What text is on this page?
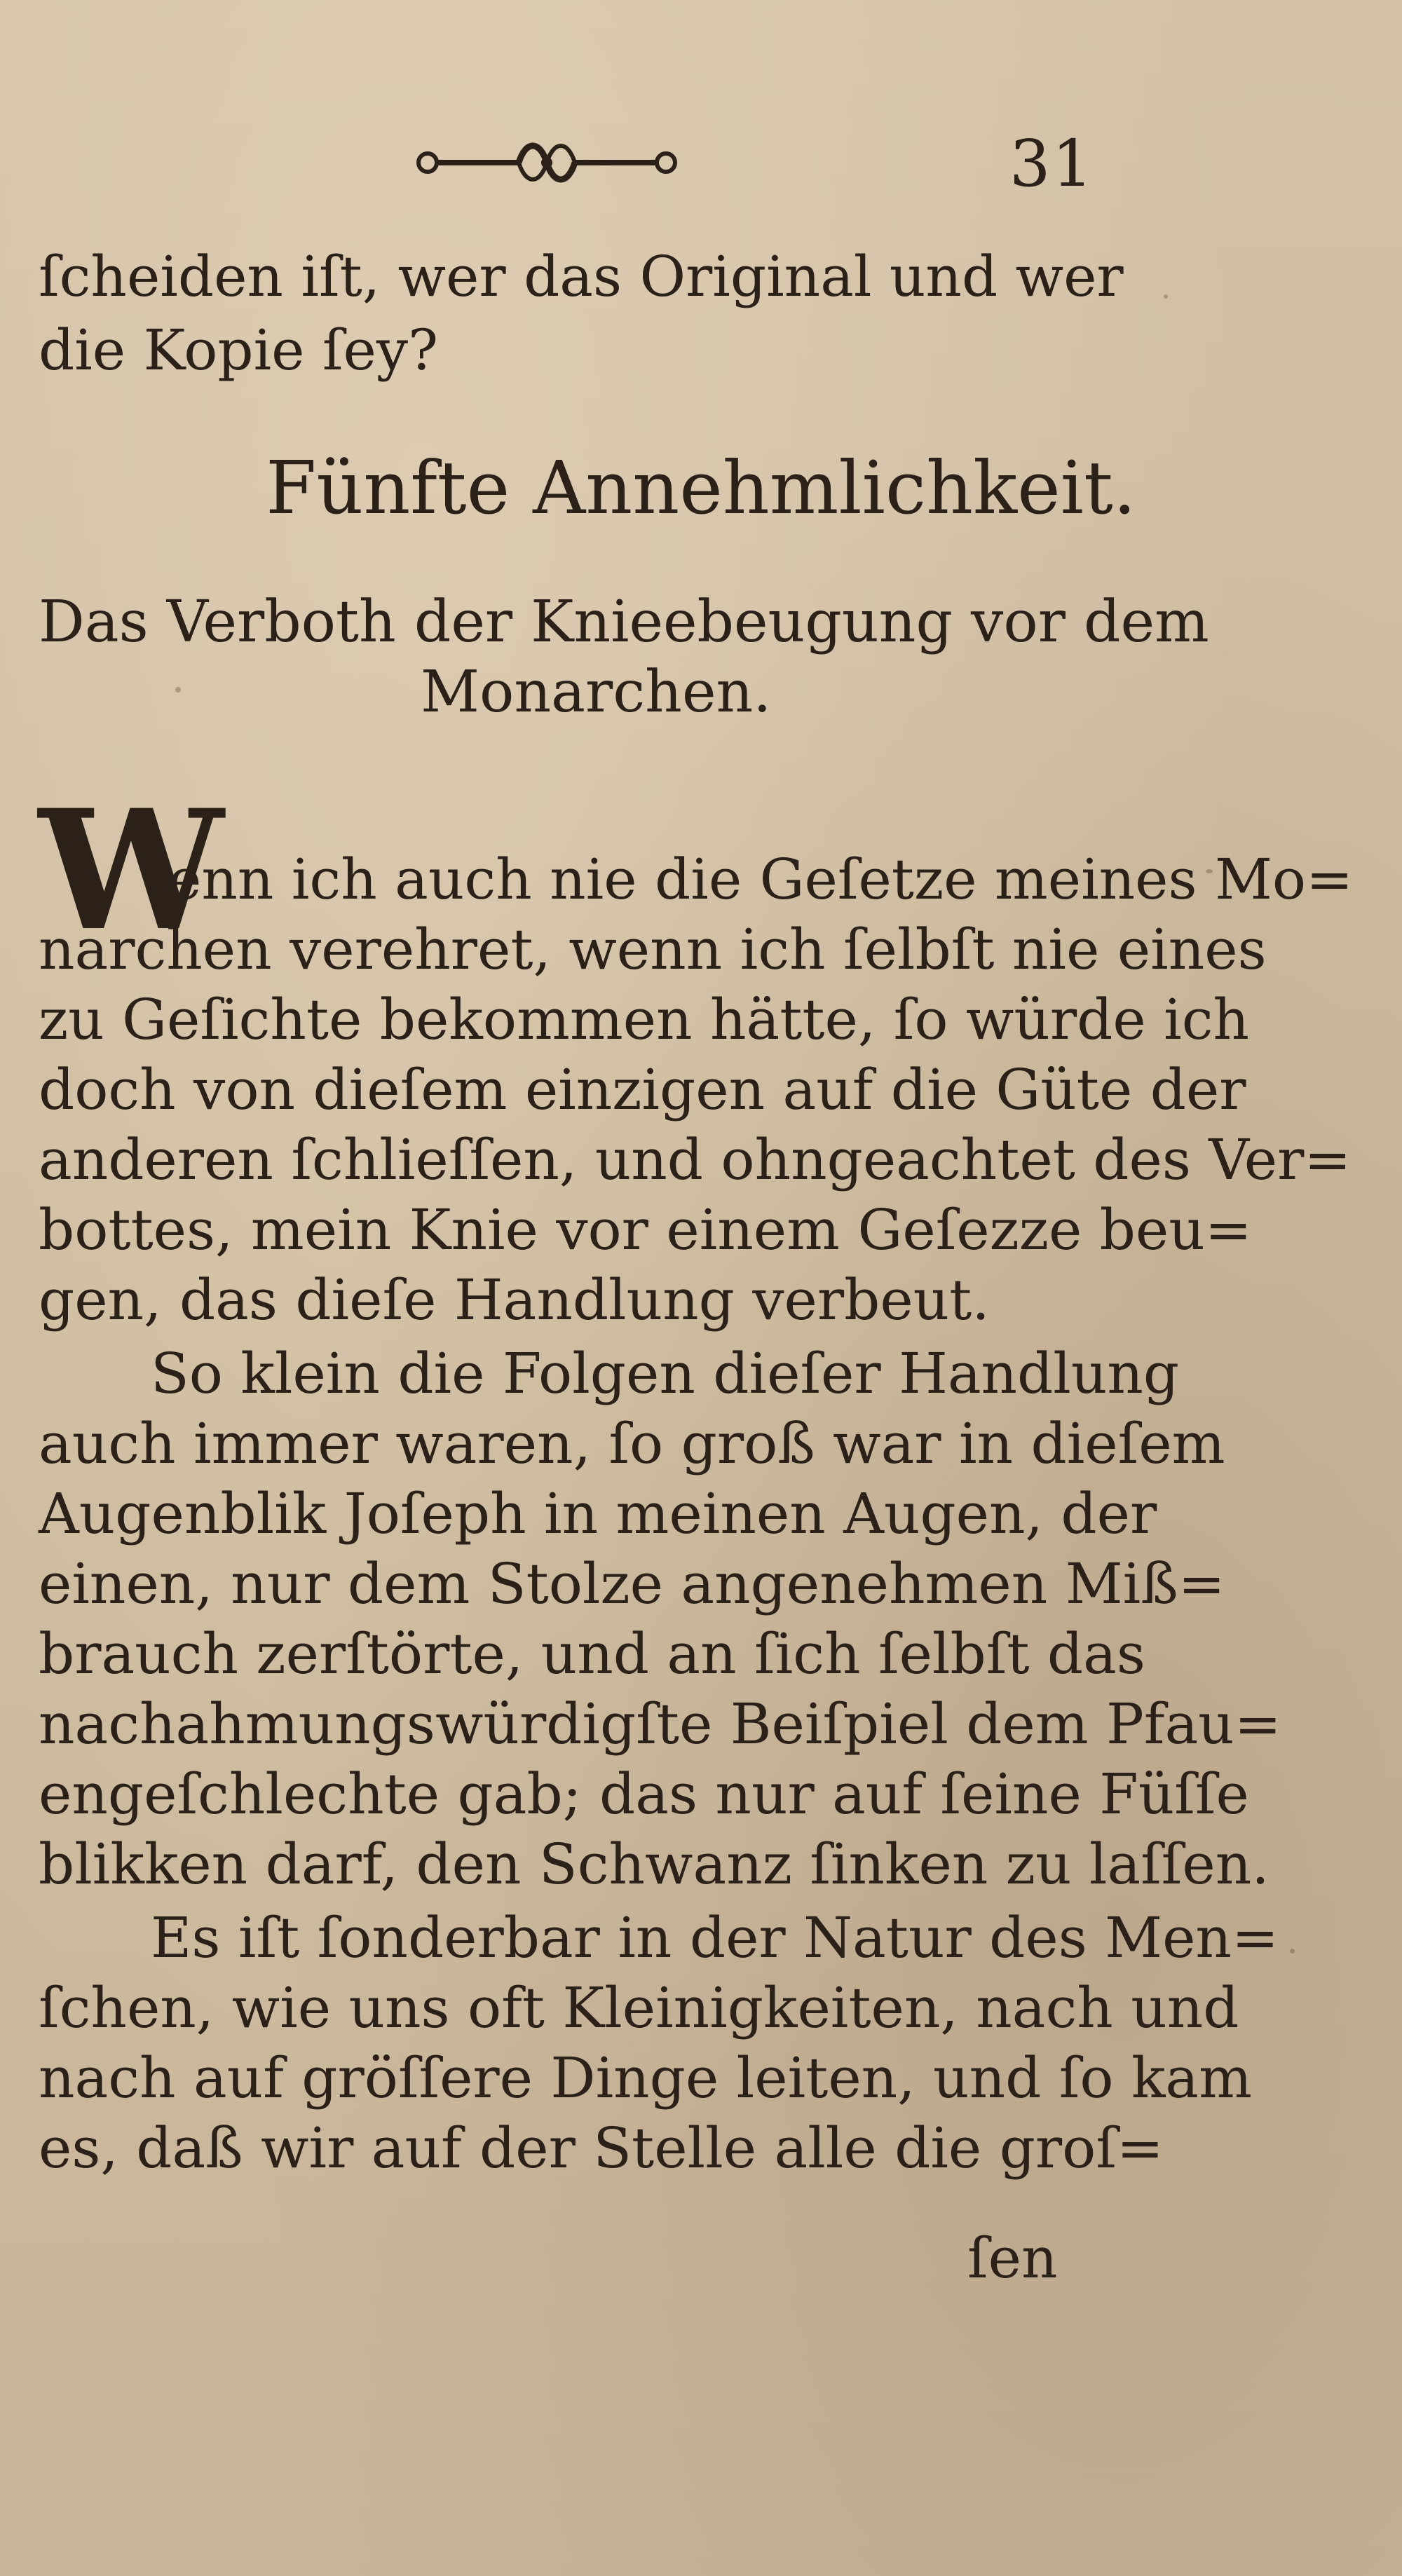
31
ſcheiden iſt, wer das Original und wer
die Kopie ſey?
Fünfte Annehmlichkeit.
Das Verboth der Knieebeugung vor dem
Monarchen.
W
enn ich auch nie die Geſetze meines Mo=
narchen verehret, wenn ich ſelbſt nie eines
zu Geſichte bekommen hätte, ſo würde ich
doch von dieſem einzigen auf die Güte der
anderen ſchlieſſen, und ohngeachtet des Ver=
bottes, mein Knie vor einem Geſezze beu=
gen, das dieſe Handlung verbeut.
So klein die Folgen dieſer Handlung
auch immer waren, ſo groß war in dieſem
Augenblik Joſeph in meinen Augen, der
einen, nur dem Stolze angenehmen Miß=
brauch zerſtörte, und an ſich ſelbſt das
nachahmungswürdigſte Beiſpiel dem Pfau=
engeſchlechte gab; das nur auf ſeine Füſſe
blikken darf, den Schwanz ſinken zu laſſen.
Es iſt ſonderbar in der Natur des Men=
ſchen, wie uns oft Kleinigkeiten, nach und
nach auf gröſſere Dinge leiten, und ſo kam
es, daß wir auf der Stelle alle die groſ=
ſen
